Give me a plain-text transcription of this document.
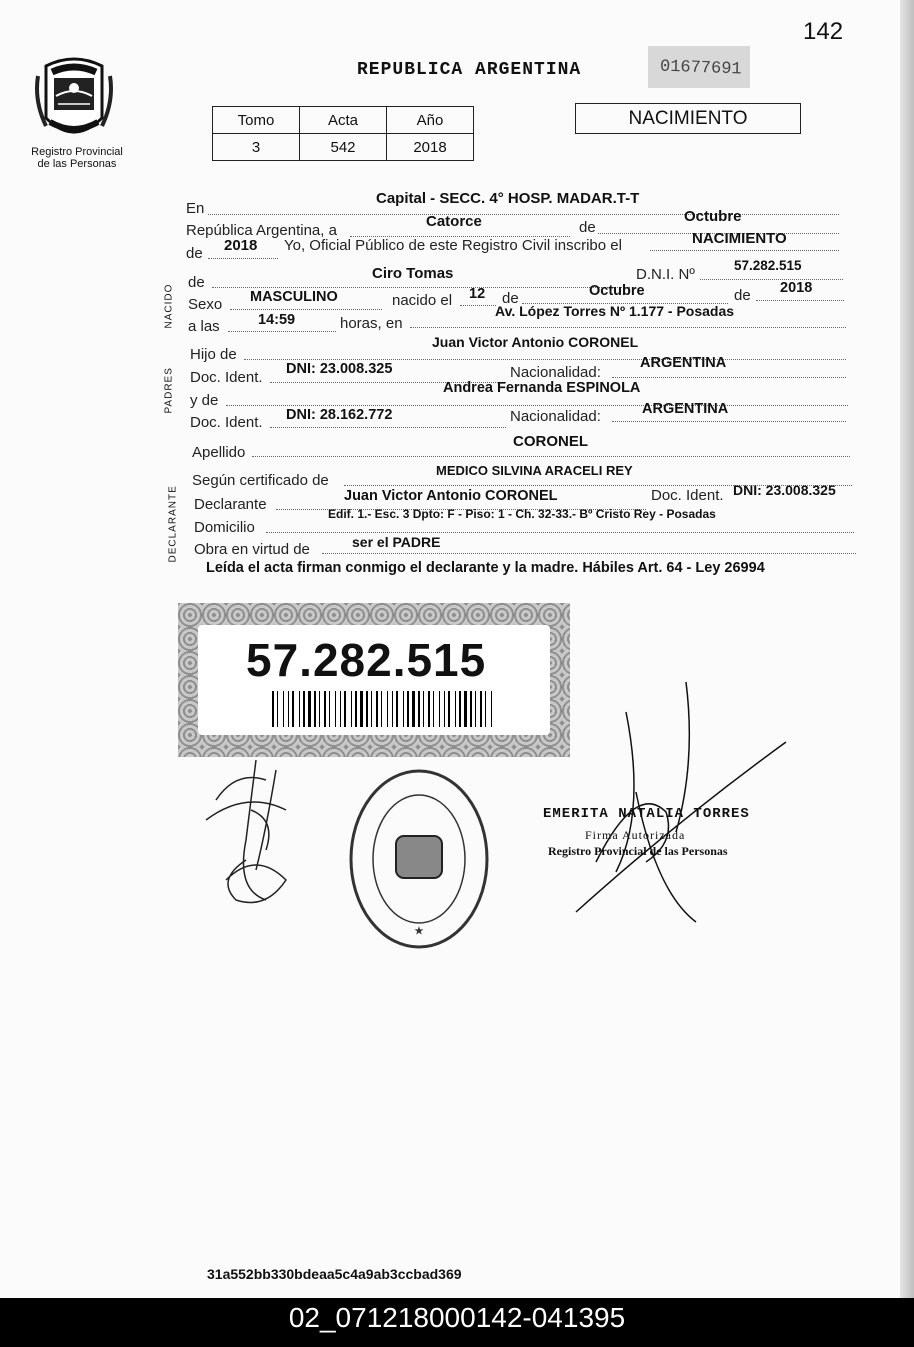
142
Registro Provincial
de las Personas
REPUBLICA ARGENTINA	01677691
Tomo	Acta	Año
3	542	2018
NACIMIENTO
NACIDO
PADRES
DECLARANTE
En
Capital - SECC. 4° HOSP. MADAR.T-T
República Argentina, a
Catorce	de
Octubre
de 2018 Yo, Oficial Público de este Registro Civil inscribo el	NACIMIENTO
de
Ciro Tomas	D.N.I. Nº
57.282.515
Sexo MASCULINO	nacido el 12 de	Octubre	de 2018
a las	14:59	horas, en
Av. López Torres Nº 1.177 - Posadas
Hijo de
Juan Victor Antonio CORONEL
Doc. Ident. DNI: 23.008.325	Nacionalidad:
ARGENTINA
y de
Andrea Fernanda ESPINOLA
Doc. Ident. DNI: 28.162.772	Nacionalidad:	ARGENTINA
Apellido
CORONEL
Según certificado de
MEDICO SILVINA ARACELI REY
Declarante	Juan Victor Antonio CORONEL	Doc. Ident. DNI: 23.008.325
Domicilio
Edif. 1.- Esc. 3 Dpto: F - Piso: 1 - Ch. 32-33.- Bº Cristo Rey - Posadas
Obra en virtud de	ser el PADRE
Leída el acta firman conmigo el declarante y la madre. Hábiles Art. 64 - Ley 26994
57.282.515
★
EMERITA NATALIA TORRES
Firma Autorizada
Registro Provincial de las Personas
31a552bb330bdeaa5c4a9ab3ccbad369
02_071218000142-041395
